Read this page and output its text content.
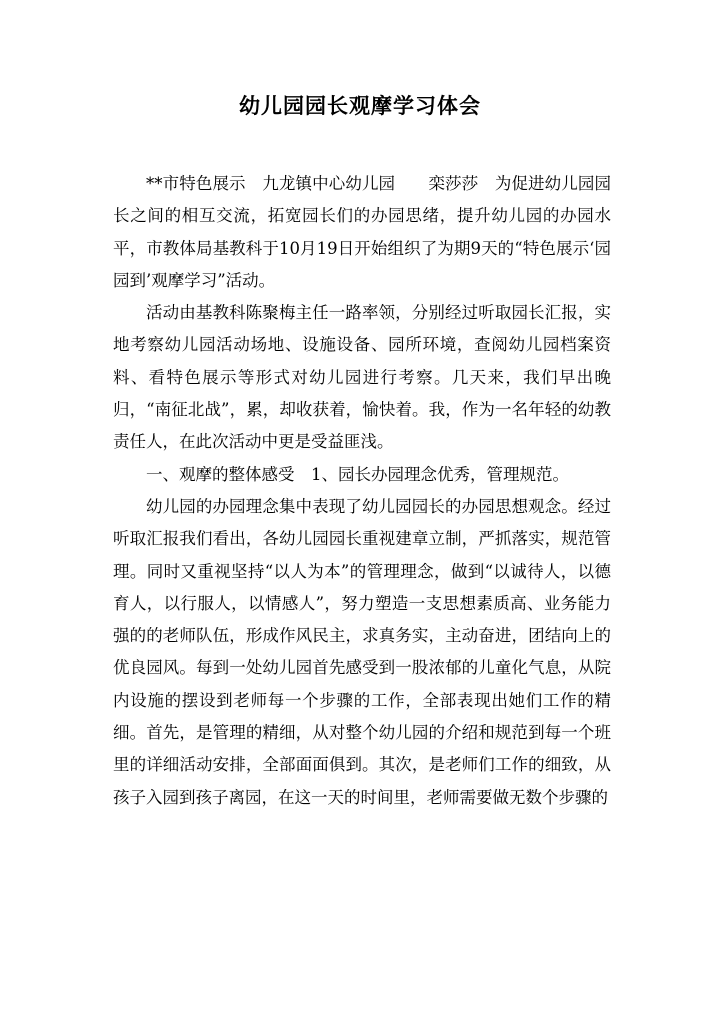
幼儿园园长观摩学习体会

**市特色展示　九龙镇中心幼儿园　　栾莎莎　为促进幼儿园园长之间的相互交流，拓宽园长们的办园思绪，提升幼儿园的办园水平，市教体局基教科于10月19日开始组织了为期9天的“特色展示‘园园到’观摩学习”活动。

活动由基教科陈聚梅主任一路率领，分别经过听取园长汇报，实地考察幼儿园活动场地、设施设备、园所环境，查阅幼儿园档案资料、看特色展示等形式对幼儿园进行考察。几天来，我们早出晚归，“南征北战”，累，却收获着，愉快着。我，作为一名年轻的幼教责任人，在此次活动中更是受益匪浅。

一、观摩的整体感受　1、园长办园理念优秀，管理规范。

幼儿园的办园理念集中表现了幼儿园园长的办园思想观念。经过听取汇报我们看出，各幼儿园园长重视建章立制，严抓落实，规范管理。同时又重视坚持“以人为本”的管理理念，做到“以诚待人，以德育人，以行服人，以情感人”，努力塑造一支思想素质高、业务能力强的的老师队伍，形成作风民主，求真务实，主动奋进，团结向上的优良园风。每到一处幼儿园首先感受到一股浓郁的儿童化气息，从院内设施的摆设到老师每一个步骤的工作，全部表现出她们工作的精细。首先，是管理的精细，从对整个幼儿园的介绍和规范到每一个班里的详细活动安排，全部面面俱到。其次，是老师们工作的细致，从孩子入园到孩子离园，在这一天的时间里，老师需要做无数个步骤的
